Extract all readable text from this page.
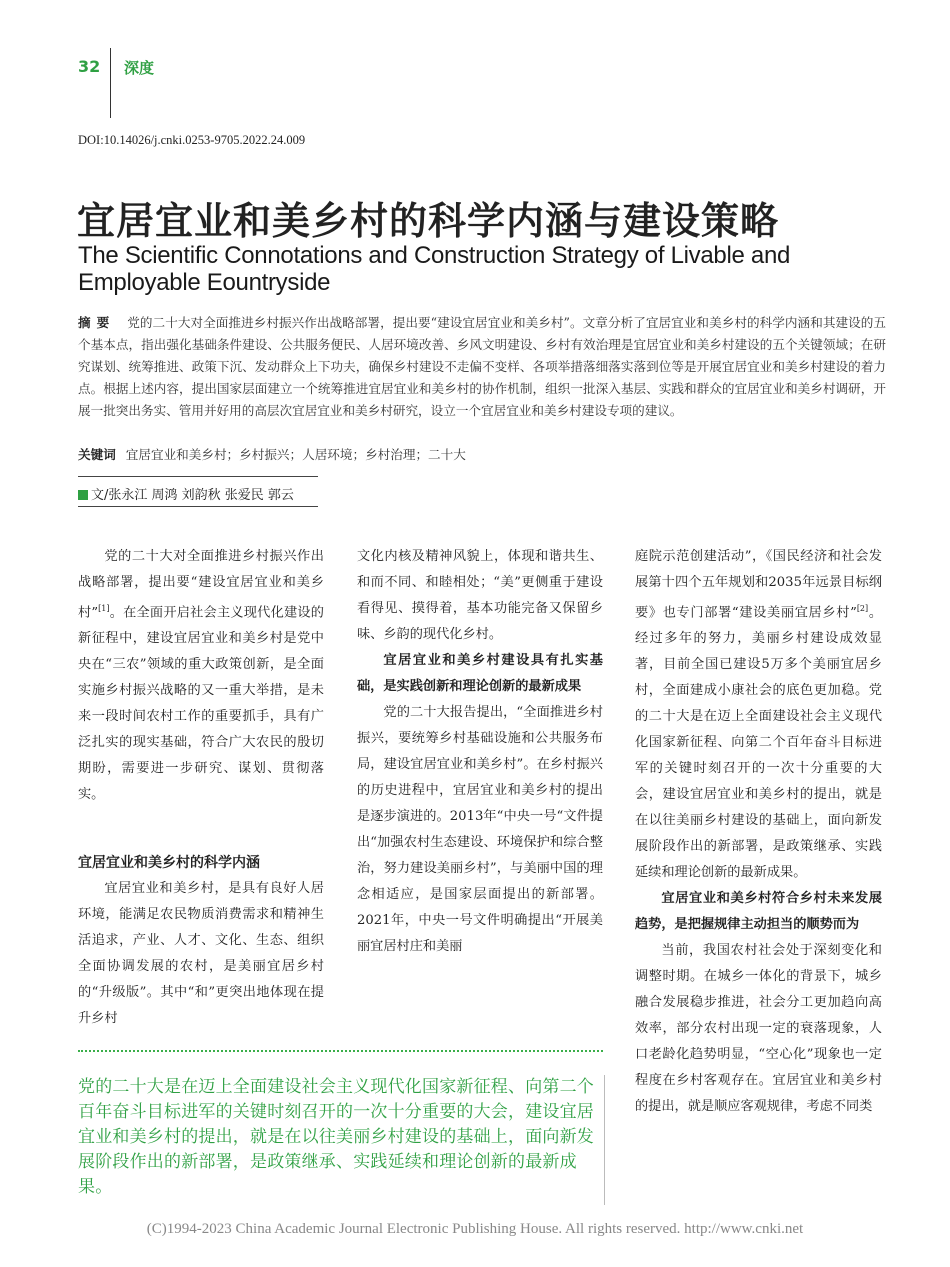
32 深度
DOI:10.14026/j.cnki.0253-9705.2022.24.009
宜居宜业和美乡村的科学内涵与建设策略
The Scientific Connotations and Construction Strategy of Livable and Employable Eountryside
摘要 党的二十大对全面推进乡村振兴作出战略部署，提出要“建设宜居宜业和美乡村”。文章分析了宜居宜业和美乡村的科学内涵和其建设的五个基本点，指出强化基础条件建设、公共服务便民、人居环境改善、乡风文明建设、乡村有效治理是宜居宜业和美乡村建设的五个关键领域；在研究谋划、统筹推进、政策下沉、发动群众上下功夫，确保乡村建设不走偏不变样、各项举措落细落实落到位等是开展宜居宜业和美乡村建设的着力点。根据上述内容，提出国家层面建立一个统筹推进宜居宜业和美乡村的协作机制，组织一批深入基层、实践和群众的宜居宜业和美乡村调研，开展一批突出务实、管用并好用的高层次宜居宜业和美乡村研究，设立一个宜居宜业和美乡村建设专项的建议。
关键词 宜居宜业和美乡村；乡村振兴；人居环境；乡村治理；二十大
文/张永江 周鸿 刘韵秋 张爱民 郭云

党的二十大对全面推进乡村振兴作出战略部署，提出要“建设宜居宜业和美乡村”[1]。在全面开启社会主义现代化建设的新征程中，建设宜居宜业和美乡村是党中央在“三农”领域的重大政策创新，是全面实施乡村振兴战略的又一重大举措，是未来一段时间农村工作的重要抓手，具有广泛扎实的现实基础，符合广大农民的殷切期盼，需要进一步研究、谋划、贯彻落实。

宜居宜业和美乡村的科学内涵

宜居宜业和美乡村，是具有良好人居环境，能满足农民物质消费需求和精神生活追求，产业、人才、文化、生态、组织全面协调发展的农村，是美丽宜居乡村的“升级版”。其中“和”更突出地体现在提升乡村

文化内核及精神风貌上，体现和谐共生、和而不同、和睦相处；“美”更侧重于建设看得见、摸得着，基本功能完备又保留乡味、乡韵的现代化乡村。

宜居宜业和美乡村建设具有扎实基础，是实践创新和理论创新的最新成果

党的二十大报告提出，“全面推进乡村振兴，要统筹乡村基础设施和公共服务布局，建设宜居宜业和美乡村”。在乡村振兴的历史进程中，宜居宜业和美乡村的提出是逐步演进的。2013年“中央一号“文件提出“加强农村生态建设、环境保护和综合整治，努力建设美丽乡村”，与美丽中国的理念相适应，是国家层面提出的新部署。2021年，中央一号文件明确提出“开展美丽宜居村庄和美丽

庭院示范创建活动”，《国民经济和社会发展第十四个五年规划和2035年远景目标纲要》也专门部署“建设美丽宜居乡村”[2]。经过多年的努力，美丽乡村建设成效显著，目前全国已建设5万多个美丽宜居乡村，全面建成小康社会的底色更加稳。党的二十大是在迈上全面建设社会主义现代化国家新征程、向第二个百年奋斗目标进军的关键时刻召开的一次十分重要的大会，建设宜居宜业和美乡村的提出，就是在以往美丽乡村建设的基础上，面向新发展阶段作出的新部署，是政策继承、实践延续和理论创新的最新成果。

宜居宜业和美乡村符合乡村未来发展趋势，是把握规律主动担当的顺势而为

当前，我国农村社会处于深刻变化和调整时期。在城乡一体化的背景下，城乡融合发展稳步推进，社会分工更加趋向高效率，部分农村出现一定的衰落现象，人口老龄化趋势明显，“空心化”现象也一定程度在乡村客观存在。宜居宜业和美乡村的提出，就是顺应客观规律，考虑不同类

党的二十大是在迈上全面建设社会主义现代化国家新征程、向第二个百年奋斗目标进军的关键时刻召开的一次十分重要的大会，建设宜居宜业和美乡村的提出，就是在以往美丽乡村建设的基础上，面向新发展阶段作出的新部署，是政策继承、实践延续和理论创新的最新成果。
(C)1994-2023 China Academic Journal Electronic Publishing House. All rights reserved. http://www.cnki.net
